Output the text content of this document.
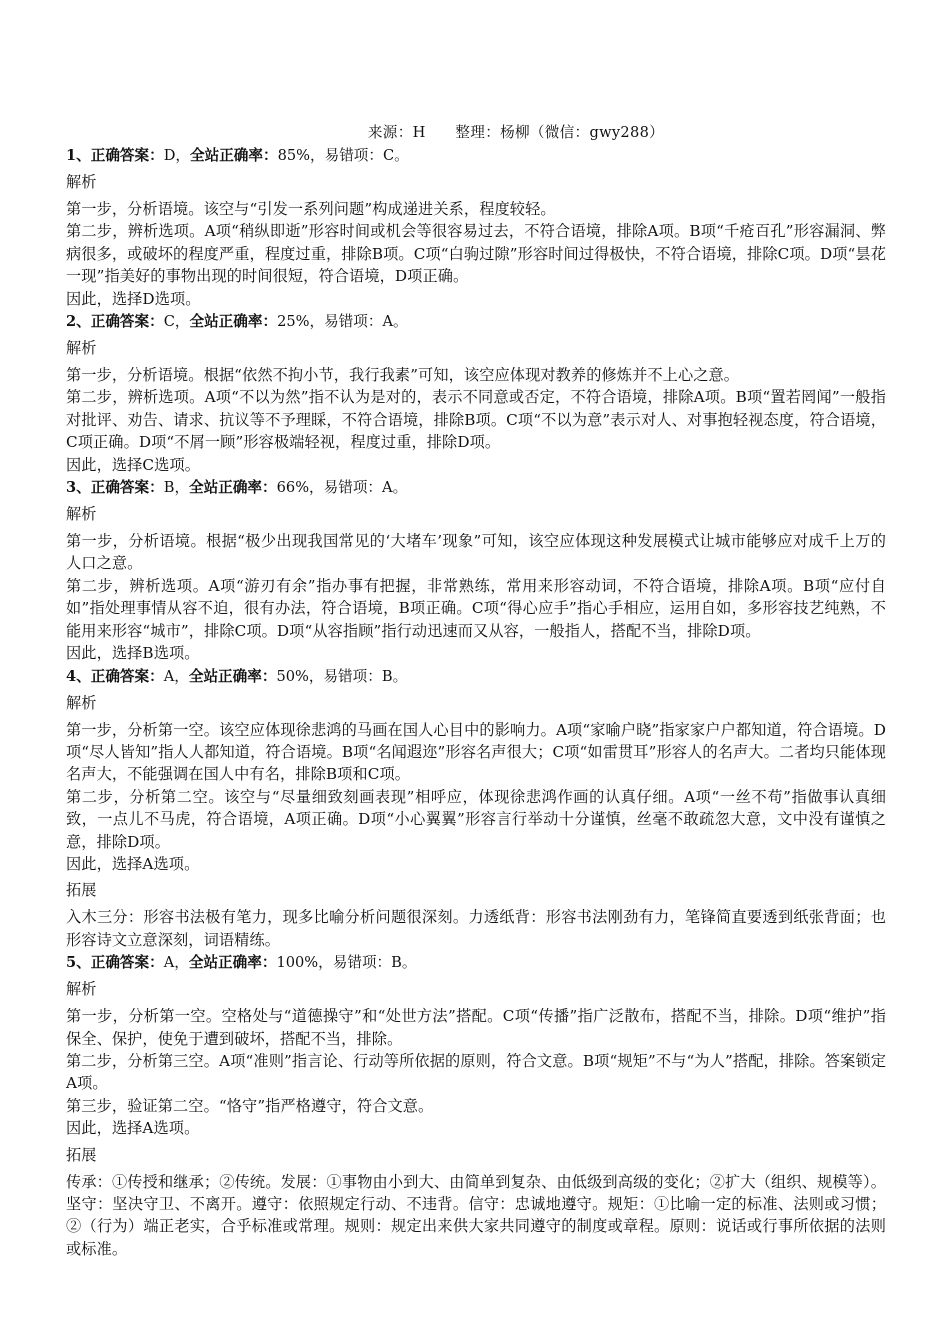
来源：H　　整理：杨柳（微信：gwy288）
1、正确答案：D，全站正确率：85%，易错项：C。
解析
第一步，分析语境。该空与“引发一系列问题”构成递进关系，程度较轻。
第二步，辨析选项。A项“稍纵即逝”形容时间或机会等很容易过去，不符合语境，排除A项。B项“千疮百孔”形容漏洞、弊病很多，或破坏的程度严重，程度过重，排除B项。C项“白驹过隙”形容时间过得极快，不符合语境，排除C项。D项“昙花一现”指美好的事物出现的时间很短，符合语境，D项正确。
因此，选择D选项。
2、正确答案：C，全站正确率：25%，易错项：A。
解析
第一步，分析语境。根据“依然不拘小节，我行我素”可知，该空应体现对教养的修炼并不上心之意。
第二步，辨析选项。A项“不以为然”指不认为是对的，表示不同意或否定，不符合语境，排除A项。B项“置若罔闻”一般指对批评、劝告、请求、抗议等不予理睬，不符合语境，排除B项。C项“不以为意”表示对人、对事抱轻视态度，符合语境，C项正确。D项“不屑一顾”形容极端轻视，程度过重，排除D项。
因此，选择C选项。
3、正确答案：B，全站正确率：66%，易错项：A。
解析
第一步，分析语境。根据“极少出现我国常见的‘大堵车’现象”可知，该空应体现这种发展模式让城市能够应对成千上万的人口之意。
第二步，辨析选项。A项“游刃有余”指办事有把握，非常熟练，常用来形容动词，不符合语境，排除A项。B项“应付自如”指处理事情从容不迫，很有办法，符合语境，B项正确。C项“得心应手”指心手相应，运用自如，多形容技艺纯熟，不能用来形容“城市”，排除C项。D项“从容指顾”指行动迅速而又从容，一般指人，搭配不当，排除D项。
因此，选择B选项。
4、正确答案：A，全站正确率：50%，易错项：B。
解析
第一步，分析第一空。该空应体现徐悲鸿的马画在国人心目中的影响力。A项“家喻户晓”指家家户户都知道，符合语境。D项“尽人皆知”指人人都知道，符合语境。B项“名闻遐迩”形容名声很大；C项“如雷贯耳”形容人的名声大。二者均只能体现名声大，不能强调在国人中有名，排除B项和C项。
第二步，分析第二空。该空与“尽量细致刻画表现”相呼应，体现徐悲鸿作画的认真仔细。A项“一丝不苟”指做事认真细致，一点儿不马虎，符合语境，A项正确。D项“小心翼翼”形容言行举动十分谨慎，丝毫不敢疏忽大意，文中没有谨慎之意，排除D项。
因此，选择A选项。
拓展
入木三分：形容书法极有笔力，现多比喻分析问题很深刻。力透纸背：形容书法刚劲有力，笔锋简直要透到纸张背面；也形容诗文立意深刻，词语精练。
5、正确答案：A，全站正确率：100%，易错项：B。
解析
第一步，分析第一空。空格处与“道德操守”和“处世方法”搭配。C项“传播”指广泛散布，搭配不当，排除。D项“维护”指保全、保护，使免于遭到破坏，搭配不当，排除。
第二步，分析第三空。A项“准则”指言论、行动等所依据的原则，符合文意。B项“规矩”不与“为人”搭配，排除。答案锁定A项。
第三步，验证第二空。“恪守”指严格遵守，符合文意。
因此，选择A选项。
拓展
传承：①传授和继承；②传统。发展：①事物由小到大、由简单到复杂、由低级到高级的变化；②扩大（组织、规模等）。坚守：坚决守卫、不离开。遵守：依照规定行动、不违背。信守：忠诚地遵守。规矩：①比喻一定的标准、法则或习惯；②（行为）端正老实，合乎标准或常理。规则：规定出来供大家共同遵守的制度或章程。原则：说话或行事所依据的法则或标准。
